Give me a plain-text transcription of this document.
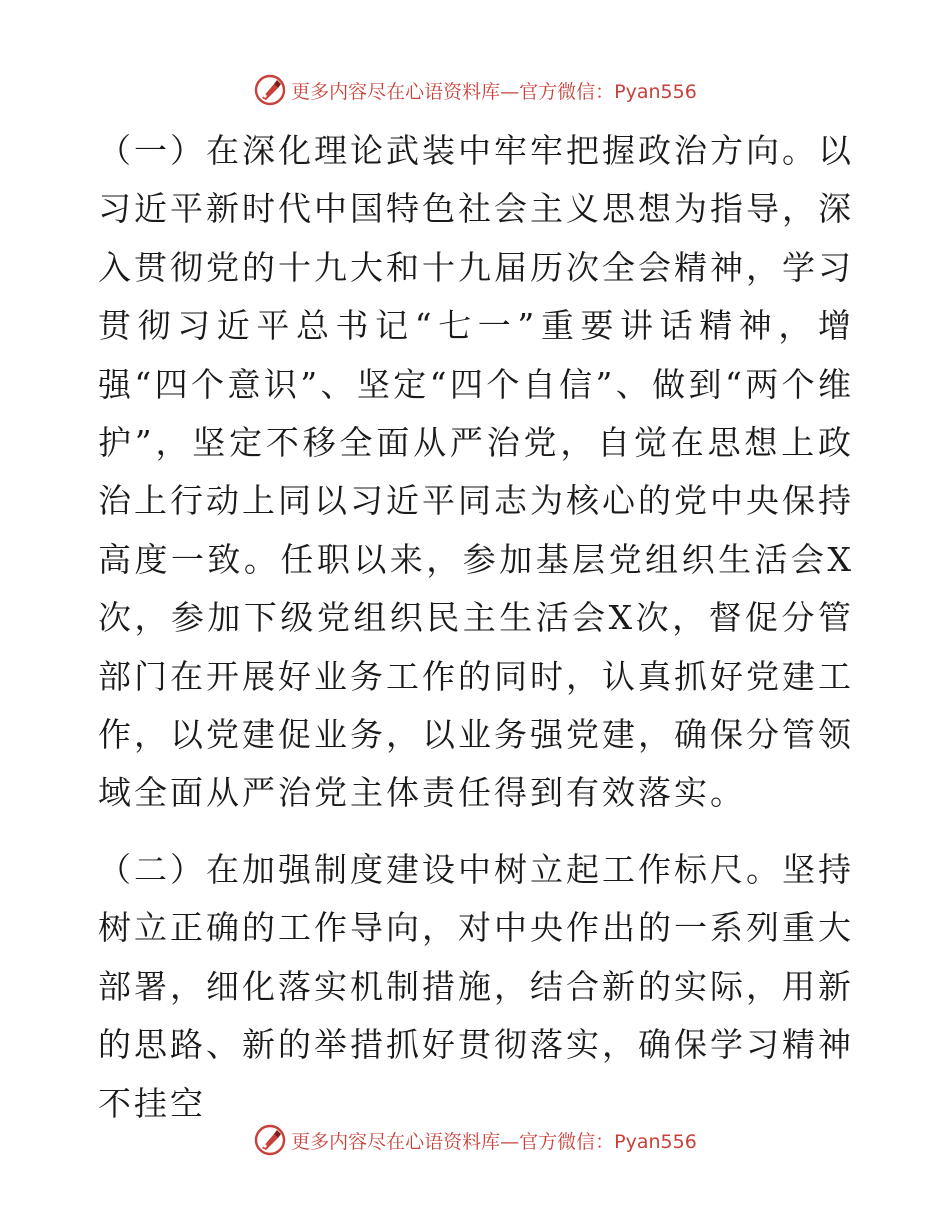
更多内容尽在心语资料库—官方微信：Pyan556

（一）在深化理论武装中牢牢把握政治方向。以习近平新时代中国特色社会主义思想为指导，深入贯彻党的十九大和十九届历次全会精神，学习贯彻习近平总书记“七一”重要讲话精神，增强“四个意识”、坚定“四个自信”、做到“两个维护”，坚定不移全面从严治党，自觉在思想上政治上行动上同以习近平同志为核心的党中央保持高度一致。任职以来，参加基层党组织生活会X次，参加下级党组织民主生活会X次，督促分管部门在开展好业务工作的同时，认真抓好党建工作，以党建促业务，以业务强党建，确保分管领域全面从严治党主体责任得到有效落实。

（二）在加强制度建设中树立起工作标尺。坚持树立正确的工作导向，对中央作出的一系列重大部署，细化落实机制措施，结合新的实际，用新的思路、新的举措抓好贯彻落实，确保学习精神不挂空

更多内容尽在心语资料库—官方微信：Pyan556
